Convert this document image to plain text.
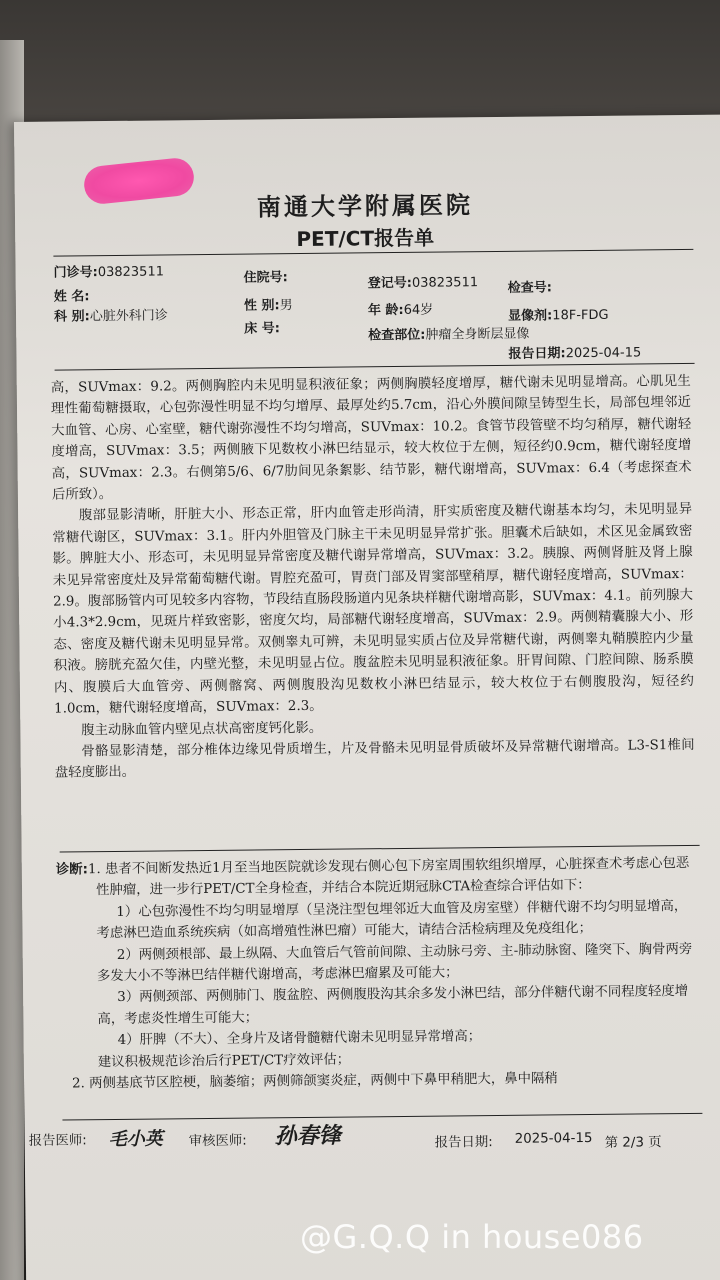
南通大学附属医院
PET/CT报告单
门诊号:03823511	住院号:	登记号:03823511 检查号:
姓 名:
性 别:男	年 龄:64岁	显像剂:18F-FDG
科 别:心脏外科门诊
床 号:	检查部位:肿瘤全身断层显像
报告日期:2025-04-15

高，SUVmax：9.2。两侧胸腔内未见明显积液征象；两侧胸膜轻度增厚，糖代谢未见明显增高。心肌见生理性葡萄糖摄取，心包弥漫性明显不均匀增厚、最厚处约5.7cm，沿心外膜间隙呈铸型生长，局部包埋邻近大血管、心房、心室壁，糖代谢弥漫性不均匀增高，SUVmax：10.2。食管节段管壁不均匀稍厚，糖代谢轻度增高，SUVmax：3.5；两侧腋下见数枚小淋巴结显示，较大枚位于左侧，短径约0.9cm，糖代谢轻度增高，SUVmax：2.3。右侧第5/6、6/7肋间见条絮影、结节影，糖代谢增高，SUVmax：6.4（考虑探查术后所致）。

腹部显影清晰，肝脏大小、形态正常，肝内血管走形尚清，肝实质密度及糖代谢基本均匀，未见明显异常糖代谢区，SUVmax：3.1。肝内外胆管及门脉主干未见明显异常扩张。胆囊术后缺如，术区见金属致密影。脾脏大小、形态可，未见明显异常密度及糖代谢异常增高，SUVmax：3.2。胰腺、两侧肾脏及肾上腺未见异常密度灶及异常葡萄糖代谢。胃腔充盈可，胃贲门部及胃窦部壁稍厚，糖代谢轻度增高，SUVmax：2.9。腹部肠管内可见较多内容物，节段结直肠段肠道内见条块样糖代谢增高影，SUVmax：4.1。前列腺大小4.3*2.9cm，见斑片样致密影，密度欠均，局部糖代谢轻度增高，SUVmax：2.9。两侧精囊腺大小、形态、密度及糖代谢未见明显异常。双侧睾丸可辨，未见明显实质占位及异常糖代谢，两侧睾丸鞘膜腔内少量积液。膀胱充盈欠佳，内壁光整，未见明显占位。腹盆腔未见明显积液征象。肝胃间隙、门腔间隙、肠系膜内、腹膜后大血管旁、两侧髂窝、两侧腹股沟见数枚小淋巴结显示，较大枚位于右侧腹股沟，短径约1.0cm，糖代谢轻度增高，SUVmax：2.3。

腹主动脉血管内壁见点状高密度钙化影。

骨骼显影清楚，部分椎体边缘见骨质增生，片及骨骼未见明显骨质破坏及异常糖代谢增高。L3-S1椎间盘轻度膨出。

诊断:1. 患者不间断发热近1月至当地医院就诊发现右侧心包下房室周围软组织增厚，心脏探查术考虑心包恶性肿瘤，进一步行PET/CT全身检查，并结合本院近期冠脉CTA检查综合评估如下：

1）心包弥漫性不均匀明显增厚（呈浇注型包埋邻近大血管及房室壁）伴糖代谢不均匀明显增高，考虑淋巴造血系统疾病（如高增殖性淋巴瘤）可能大，请结合活检病理及免疫组化；

2）两侧颈根部、最上纵隔、大血管后气管前间隙、主动脉弓旁、主-肺动脉窗、隆突下、胸骨两旁多发大小不等淋巴结伴糖代谢增高，考虑淋巴瘤累及可能大；

3）两侧颈部、两侧肺门、腹盆腔、两侧腹股沟其余多发小淋巴结，部分伴糖代谢不同程度轻度增高，考虑炎性增生可能大；

4）肝脾（不大）、全身片及诸骨髓糖代谢未见明显异常增高；

建议积极规范诊治后行PET/CT疗效评估；

2. 两侧基底节区腔梗，脑萎缩；两侧筛颌窦炎症，两侧中下鼻甲稍肥大，鼻中隔稍

报告医师: 毛小英 审核医师: 孙春锋	报告日期: 2025-04-15 第 2/3 页
@G.Q.Q in house086
